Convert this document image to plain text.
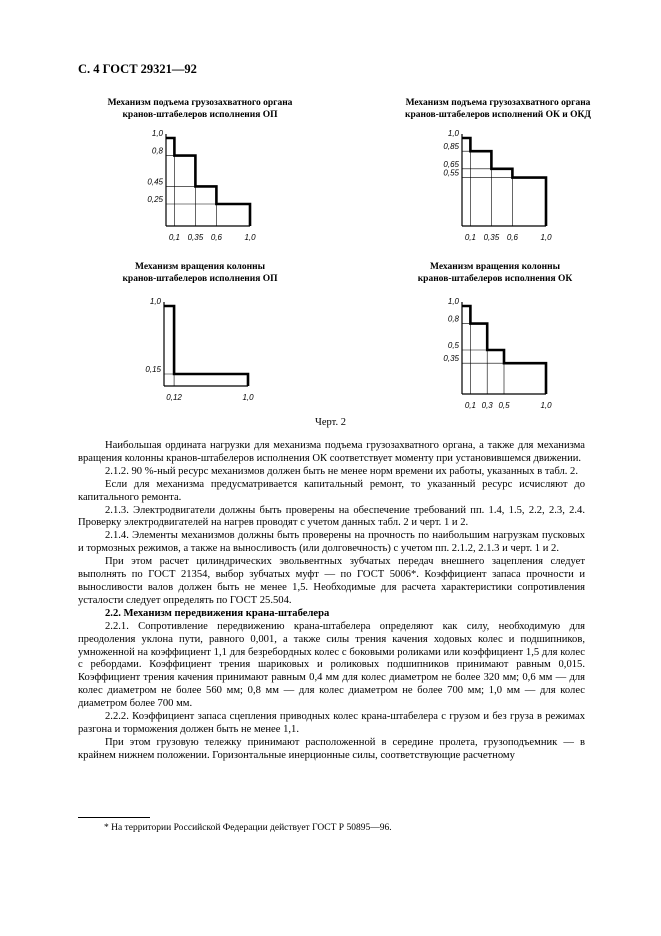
С. 4 ГОСТ 29321—92
Механизм подъема грузозахватного органа
кранов-штабелеров исполнения ОП
1,0
0,8
0,45
0,25
0,1 0,35 0,6	1,0
Механизм подъема грузозахватного органа
кранов-штабелеров исполнений ОК и ОКД
1,0
0,85
0,65
0,55
0,1 0,35 0,6	1,0
Механизм вращения колонны
кранов-штабелеров исполнения ОП
1,0
0,15
0,12	1,0
Механизм вращения колонны
кранов-штабелеров исполнения ОК
1,0
0,8
0,5
0,35
0,1 0,3 0,5	1,0
Черт. 2

Наибольшая ордината нагрузки для механизма подъема грузозахватного органа, а также для механизма вращения колонны кранов-штабелеров исполнения ОК соответствует моменту при установившемся движении.

2.1.2. 90 %-ный ресурс механизмов должен быть не менее норм времени их работы, указанных в табл. 2.

Если для механизма предусматривается капитальный ремонт, то указанный ресурс исчисляют до капитального ремонта.

2.1.3. Электродвигатели должны быть проверены на обеспечение требований пп. 1.4, 1.5, 2.2, 2.3, 2.4. Проверку электродвигателей на нагрев проводят с учетом данных табл. 2 и черт. 1 и 2.

2.1.4. Элементы механизмов должны быть проверены на прочность по наибольшим нагрузкам пусковых и тормозных режимов, а также на выносливость (или долговечность) с учетом пп. 2.1.2, 2.1.3 и черт. 1 и 2.

При этом расчет цилиндрических эвольвентных зубчатых передач внешнего зацепления следует выполнять по ГОСТ 21354, выбор зубчатых муфт — по ГОСТ 5006*. Коэффициент запаса прочности и выносливости валов должен быть не менее 1,5. Необходимые для расчета характеристики сопротивления усталости следует определять по ГОСТ 25.504.

2.2. Механизм передвижения крана-штабелера

2.2.1. Сопротивление передвижению крана-штабелера определяют как силу, необходимую для преодоления уклона пути, равного 0,001, а также силы трения качения ходовых колес и подшипников, умноженной на коэффициент 1,1 для безребордных колес с боковыми роликами или коэффициент 1,5 для колес с ребордами. Коэффициент трения шариковых и роликовых подшипников принимают равным 0,015. Коэффициент трения качения принимают равным 0,4 мм для колес диаметром не более 320 мм; 0,6 мм — для колес диаметром не более 560 мм; 0,8 мм — для колес диаметром не более 700 мм; 1,0 мм — для колес диаметром более 700 мм.

2.2.2. Коэффициент запаса сцепления приводных колес крана-штабелера с грузом и без груза в режимах разгона и торможения должен быть не менее 1,1.

При этом грузовую тележку принимают расположенной в середине пролета, грузоподъемник — в крайнем нижнем положении. Горизонтальные инерционные силы, соответствующие расчетному

* На территории Российской Федерации действует ГОСТ Р 50895—96.
